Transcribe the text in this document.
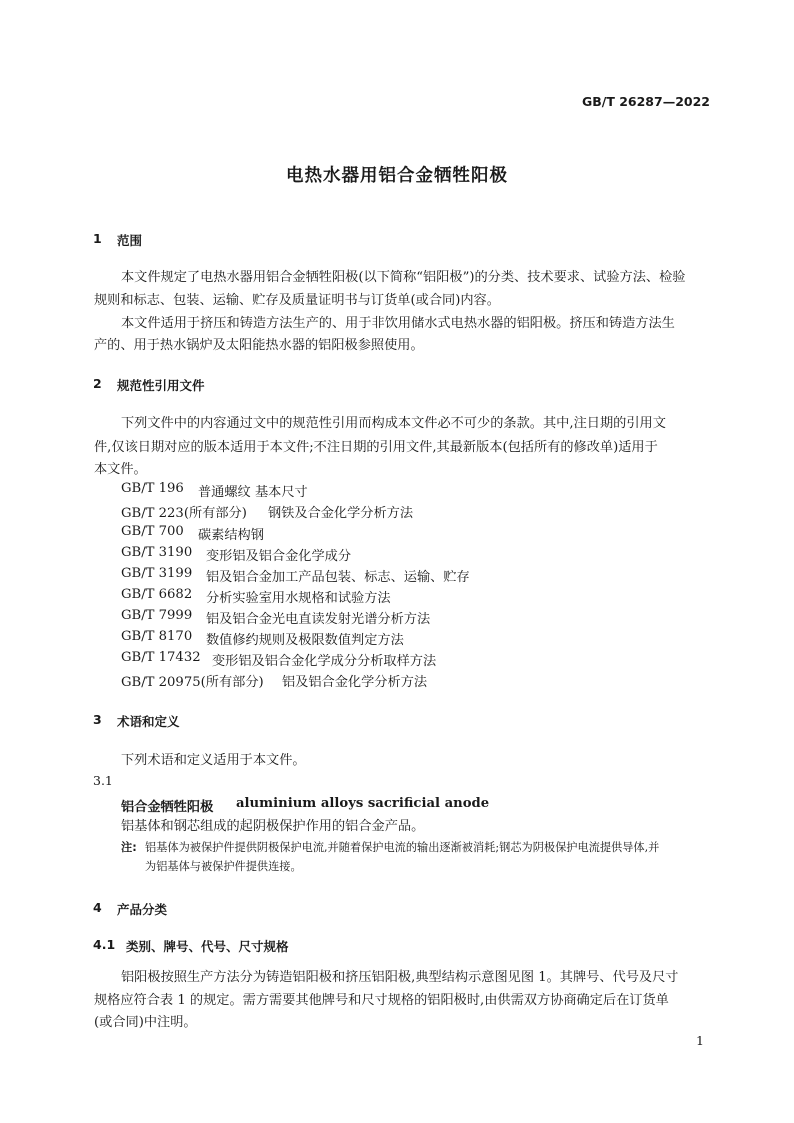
GB/T 26287—2022
电热水器用铝合金牺牲阳极
1 范围
本文件规定了电热水器用铝合金牺牲阳极(以下简称“铝阳极”)的分类、技术要求、试验方法、检验
规则和标志、包装、运输、贮存及质量证明书与订货单(或合同)内容。
本文件适用于挤压和铸造方法生产的、用于非饮用储水式电热水器的铝阳极。挤压和铸造方法生
产的、用于热水锅炉及太阳能热水器的铝阳极参照使用。
2 规范性引用文件
下列文件中的内容通过文中的规范性引用而构成本文件必不可少的条款。其中,注日期的引用文
件,仅该日期对应的版本适用于本文件;不注日期的引用文件,其最新版本(包括所有的修改单)适用于
本文件。
GB/T 196 普通螺纹 基本尺寸
GB/T 223(所有部分) 钢铁及合金化学分析方法
GB/T 700 碳素结构钢
GB/T 3190 变形铝及铝合金化学成分
GB/T 3199 铝及铝合金加工产品包装、标志、运输、贮存
GB/T 6682 分析实验室用水规格和试验方法
GB/T 7999 铝及铝合金光电直读发射光谱分析方法
GB/T 8170 数值修约规则及极限数值判定方法
GB/T 17432 变形铝及铝合金化学成分分析取样方法
GB/T 20975(所有部分) 铝及铝合金化学分析方法
3 术语和定义
下列术语和定义适用于本文件。
3.1
铝合金牺牲阳极 aluminium alloys sacrificial anode
铝基体和钢芯组成的起阴极保护作用的铝合金产品。
注: 铝基体为被保护件提供阴极保护电流,并随着保护电流的输出逐渐被消耗;钢芯为阴极保护电流提供导体,并
为铝基体与被保护件提供连接。
4 产品分类
4.1 类别、牌号、代号、尺寸规格
铝阳极按照生产方法分为铸造铝阳极和挤压铝阳极,典型结构示意图见图 1。其牌号、代号及尺寸
规格应符合表 1 的规定。需方需要其他牌号和尺寸规格的铝阳极时,由供需双方协商确定后在订货单
(或合同)中注明。
1
